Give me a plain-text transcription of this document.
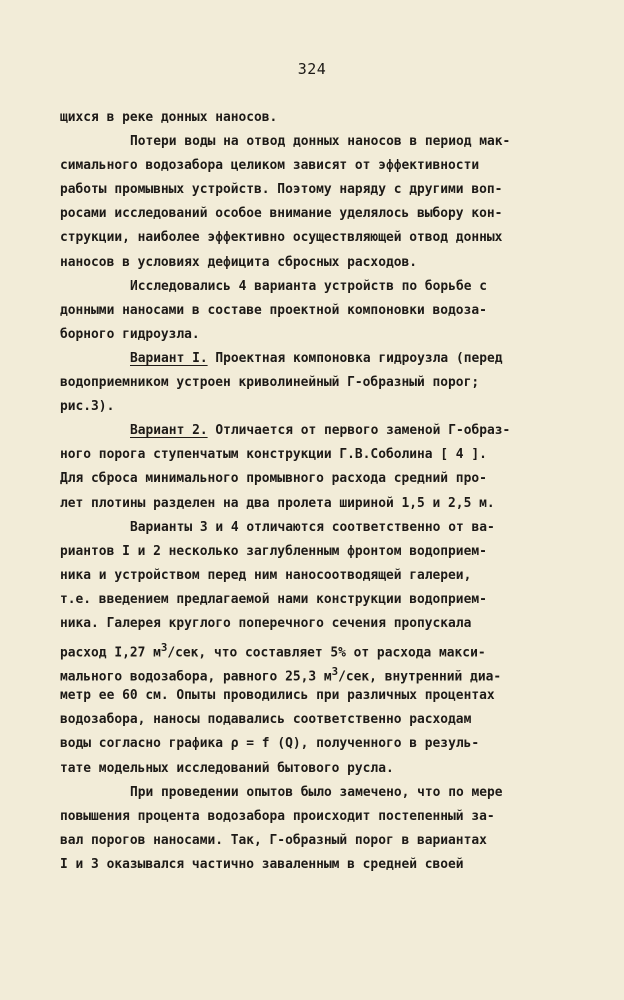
324
щихся в реке донных наносов.
Потери воды на отвод донных наносов в период мак-
симального водозабора целиком зависят от эффективности
работы промывных устройств. Поэтому наряду с другими воп-
росами исследований особое внимание уделялось выбору кон-
струкции, наиболее эффективно осуществляющей отвод донных
наносов в условиях дефицита сбросных расходов.
Исследовались 4 варианта устройств по борьбе с
донными наносами в составе проектной компоновки водоза-
борного гидроузла.
Вариант I. Проектная компоновка гидроузла (перед
водоприемником устроен криволинейный Г-образный порог;
рис.3).
Вариант 2. Отличается от первого заменой Г-образ-
ного порога ступенчатым конструкции Г.В.Соболина [ 4 ].
Для сброса минимального промывного расхода средний про-
лет плотины разделен на два пролета шириной 1,5 и 2,5 м.
Варианты 3 и 4 отличаются соответственно от ва-
риантов I и 2 несколько заглубленным фронтом водоприем-
ника и устройством перед ним наносоотводящей галереи,
т.е. введением предлагаемой нами конструкции водоприем-
ника. Галерея круглого поперечного сечения пропускала
расход I,27 $м^3$/сек, что составляет 5% от расхода макси-
мального водозабора, равного 25,3 $м^3$/сек, внутренний диа-
метр ее 60 см. Опыты проводились при различных процентах
водозабора, наносы подавались соответственно расходам
воды согласно графика ρ = f (Q), полученного в резуль-
тате модельных исследований бытового русла.
При проведении опытов было замечено, что по мере
повышения процента водозабора происходит постепенный за-
вал порогов наносами. Так, Г-образный порог в вариантах
I и 3 оказывался частично заваленным в средней своей
